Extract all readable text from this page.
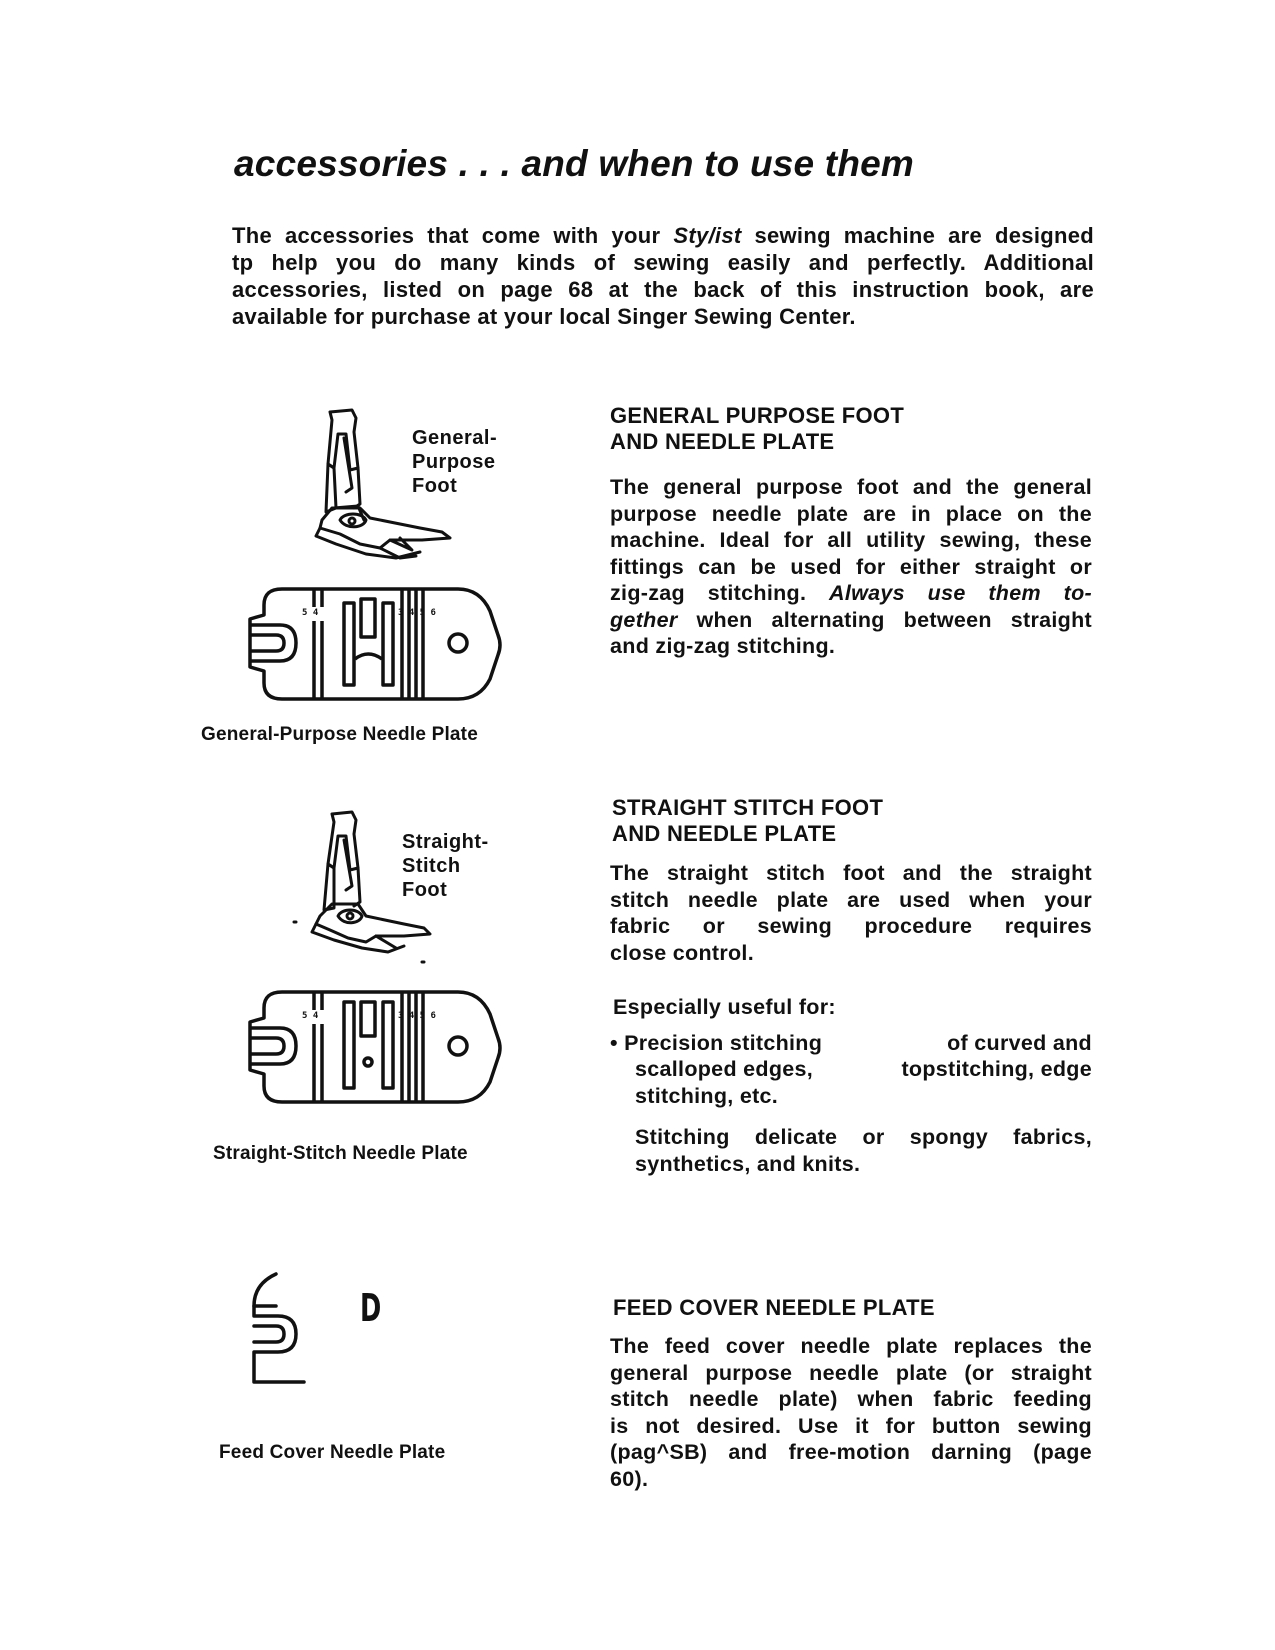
accessories . . . and when to use them
The accessories that come with your Sty/ist sewing machine are designed
tp help you do many kinds of sewing easily and perfectly. Additional
accessories, listed on page 68 at the back of this instruction book, are
available for purchase at your local Singer Sewing Center.
General-
Purpose
Foot
5 4	3 4 5 6
General-Purpose Needle Plate
GENERAL PURPOSE FOOT
AND NEEDLE PLATE
The general purpose foot and the general
purpose needle plate are in place on the
machine. Ideal for all utility sewing, these
fittings can be used for either straight or
zig-zag stitching. Always use them to-
gether when alternating between straight
and zig-zag stitching.
Straight-
Stitch
Foot
5 4	3 4 5 6
Straight-Stitch Needle Plate
STRAIGHT STITCH FOOT
AND NEEDLE PLATE
The straight stitch foot and the straight
stitch needle plate are used when your
fabric or sewing procedure requires
close control.
Especially useful for:
• Precision stitching	of curved and
scalloped edges,	topstitching, edge
stitching, etc.
Stitching delicate or spongy fabrics,
synthetics, and knits.
D
Feed Cover Needle Plate
FEED COVER NEEDLE PLATE
The feed cover needle plate replaces the
general purpose needle plate (or straight
stitch needle plate) when fabric feeding
is not desired. Use it for button sewing
(pag^SB) and free-motion darning (page
60).
